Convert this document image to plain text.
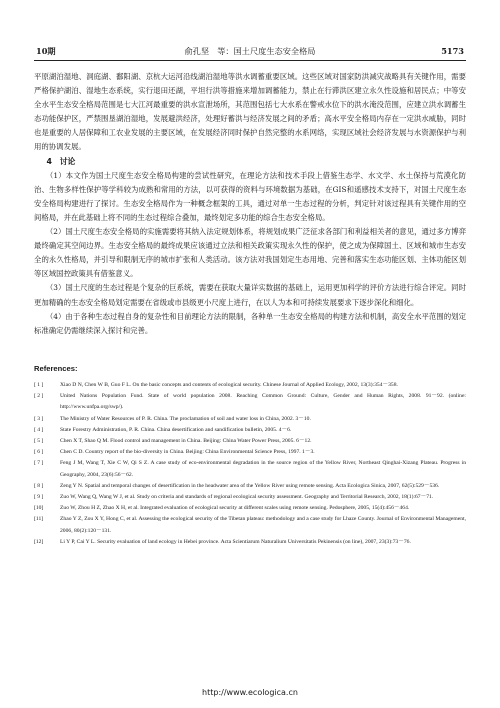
10期	俞孔坚　等：国土尺度生态安全格局	5173

平原湖泊湿地、洞庭湖、鄱阳湖、京杭大运河沿线湖泊湿地等洪水调蓄重要区域。这些区域对国家防洪减灾战略具有关键作用，需要严格保护湖泊、湿地生态系统，实行退田还湖，平坦行洪等措施来增加调蓄能力，禁止在行滞洪区建立永久性设施和居民点；中等安全水平生态安全格局范围是七大江河最重要的洪水宣泄场所，其范围包括七大水系在警戒水位下的洪水淹没范围，应建立洪水调蓄生态功能保护区，严禁围垦湖泊湿地，发展避洪经济，处理好蓄洪与经济发展之间的矛盾；高水平安全格局内存在一定洪水威胁，同时也是重要的人居保障和工农业发展的主要区域，在发展经济同时保护自然完整的水系网络，实现区域社会经济发展与水资源保护与利用的协调发展。

4　讨论

（1）本文作为国土尺度生态安全格局构建的尝试性研究，在理论方法和技术手段上借鉴生态学、水文学、水土保持与荒漠化防治、生物多样性保护等学科较为成熟和常用的方法，以可获得的资料与环境数据为基础，在GIS和遥感技术支持下，对国土尺度生态安全格局构建进行了探讨。生态安全格局作为一种概念框架的工具，通过对单一生态过程的分析，判定针对该过程具有关键作用的空间格局，并在此基础上将不同的生态过程综合叠加，最终划定多功能的综合生态安全格局。

（2）国土尺度生态安全格局的实施需要将其纳入法定规划体系，将规划成果广泛征求各部门和利益相关者的意见，通过多方博弈最终确定其空间边界。生态安全格局的最终成果应该通过立法和相关政策实现永久性的保护，使之成为保障国土、区域和城市生态安全的永久性格局，并引导和限制无序的城市扩张和人类活动。该方法对我国划定生态用地、完善和落实生态功能区划、主体功能区划等区域国控政策具有借鉴意义。

（3）国土尺度的生态过程是个复杂的巨系统，需要在获取大量详实数据的基础上，运用更加科学的评价方法进行综合评定。同时更加精确的生态安全格局划定需要在省级或市县级更小尺度上进行，在以人为本和可持续发展要求下逐步深化和细化。

（4）由于各种生态过程自身的复杂性和目前理论方法的限制，各种单一生态安全格局的构建方法和机制，高安全水平范围的划定标准确定仍需继续深入探讨和完善。

References:
[ 1 ]	Xiao D N, Chen W B, Guo F L. On the basic concepts and contents of ecological security. Chinese Journal of Applied Ecology, 2002, 13(3):354－358.
[ 2 ]	United Nations Population Fund. State of world population 2008. Reaching Common Ground: Culture, Gender and Human Rights, 2008. 91－92. (online: http://www.unfpa.org/swp/).
[ 3 ]	The Ministry of Water Resources of P. R. China. The proclamation of soil and water loss in China, 2002. 3－10.
[ 4 ]	State Forestry Administration, P. R. China. China desertification and sandification bulletin, 2005. 4－6.
[ 5 ]	Chen X T, Shao Q M. Flood control and management in China. Beijing: China Water Power Press, 2005. 6－12.
[ 6 ]	Chen C D. Country report of the bio-diversity in China. Beijing: China Environmental Science Press, 1997. 1－3.
[ 7 ]	Feng J M, Wang T, Xie C W, Qi S Z. A case study of eco-environmental degradation in the source region of the Yellow River, Northeast Qinghai-Xizang Plateau. Progress in Geography, 2004, 23(6):56－62.
[ 8 ]	Zeng Y N. Spatial and temporal changes of desertification in the headwater area of the Yellow River using remote sensing. Acta Ecologica Sinica, 2007, 62(5):529－536.
[ 9 ]	Zuo W, Wang Q, Wang W J, et al. Study on criteria and standards of regional ecological security assessment. Geography and Territorial Research, 2002, 18(1):67－71.
[10]	Zuo W, Zhou H Z, Zhao X H, et al. Integrated evaluation of ecological security at different scales using remote sensing. Pedosphere, 2005, 15(4):456－464.
[11]	Zhao Y Z, Zou X Y, Hong C, et al. Assessing the ecological security of the Tibetan plateau: methodology and a case study for Lhaze County. Journal of Environmental Management, 2006, 80(2):120－131.
[12]	Li Y P, Cai Y L. Security evaluation of land ecology in Hebei province. Acta Scientiarum Naturalium Universitatis Pekinensis (on line), 2007, 23(3):73－76.
http://www.ecologica.cn
